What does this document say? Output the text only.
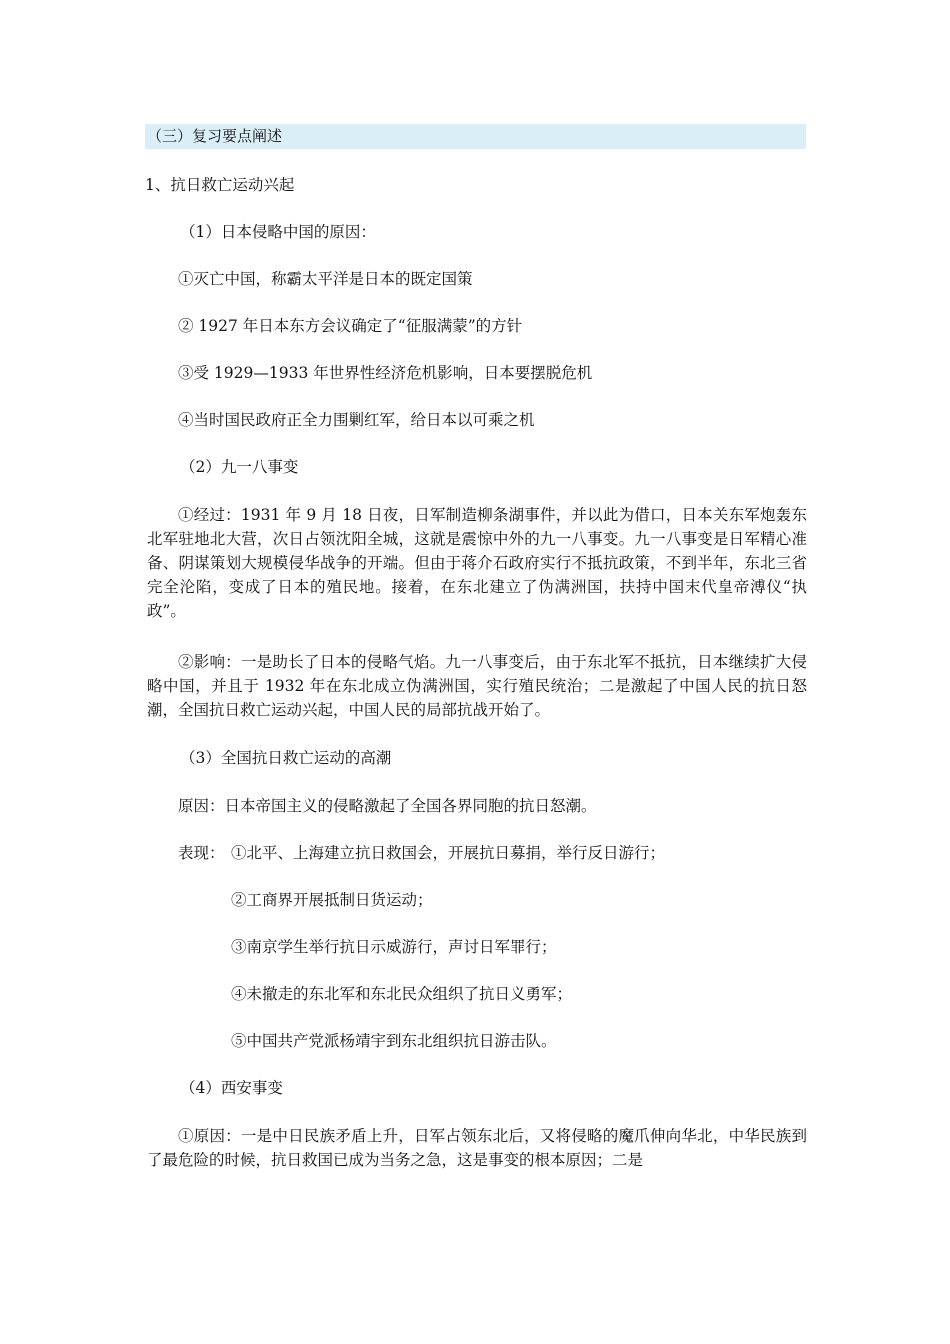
（三）复习要点阐述
1、抗日救亡运动兴起
（1）日本侵略中国的原因：
①灭亡中国，称霸太平洋是日本的既定国策
② 1927 年日本东方会议确定了“征服满蒙”的方针
③受 1929—1933 年世界性经济危机影响，日本要摆脱危机
④当时国民政府正全力围剿红军，给日本以可乘之机
（2）九一八事变
①经过：1931 年 9 月 18 日夜，日军制造柳条湖事件，并以此为借口，日本关东军炮轰东北军驻地北大营，次日占领沈阳全城，这就是震惊中外的九一八事变。九一八事变是日军精心准备、阴谋策划大规模侵华战争的开端。但由于蒋介石政府实行不抵抗政策，不到半年，东北三省完全沦陷，变成了日本的殖民地。接着，在东北建立了伪满洲国，扶持中国末代皇帝溥仪“执政”。
②影响：一是助长了日本的侵略气焰。九一八事变后，由于东北军不抵抗，日本继续扩大侵略中国，并且于 1932 年在东北成立伪满洲国，实行殖民统治；二是激起了中国人民的抗日怒潮，全国抗日救亡运动兴起，中国人民的局部抗战开始了。
（3）全国抗日救亡运动的高潮
原因：日本帝国主义的侵略激起了全国各界同胞的抗日怒潮。
表现： ①北平、上海建立抗日救国会，开展抗日募捐，举行反日游行；
②工商界开展抵制日货运动；
③南京学生举行抗日示威游行，声讨日军罪行；
④未撤走的东北军和东北民众组织了抗日义勇军；
⑤中国共产党派杨靖宇到东北组织抗日游击队。
（4）西安事变
①原因：一是中日民族矛盾上升，日军占领东北后，又将侵略的魔爪伸向华北，中华民族到了最危险的时候，抗日救国已成为当务之急，这是事变的根本原因；二是
